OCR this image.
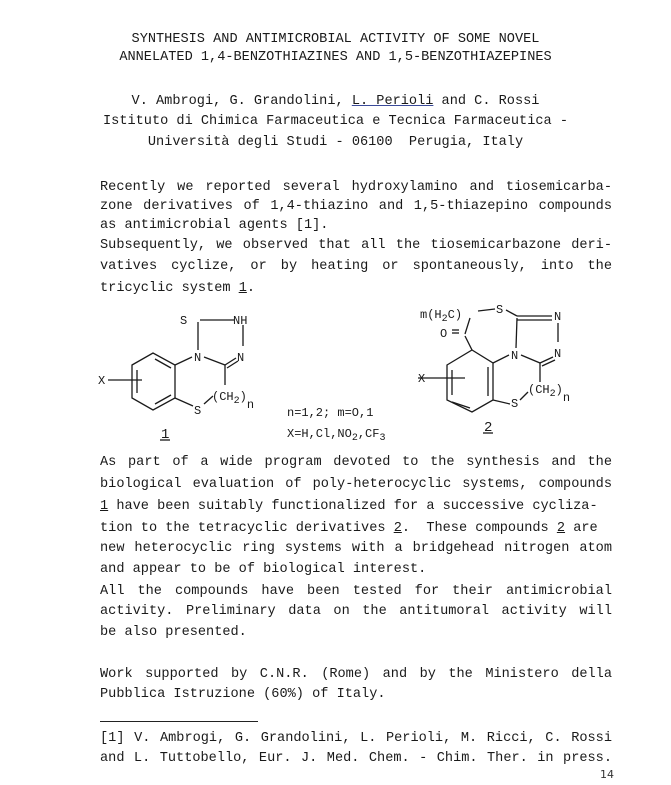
SYNTHESIS AND ANTIMICROBIAL ACTIVITY OF SOME NOVEL
ANNELATED 1,4-BENZOTHIAZINES AND 1,5-BENZOTHIAZEPINES
V. Ambrogi, G. Grandolini, L. Perioli and C. Rossi
Istituto di Chimica Farmaceutica e Tecnica Farmaceutica -
Università degli Studi - 06100  Perugia, Italy
Recently we reported several hydroxylamino and tiosemicarba-
zone derivatives of 1,4-thiazino and 1,5-thiazepino compounds
as antimicrobial agents [1].
Subsequently, we observed that all the tiosemicarbazone deri-
vatives cyclize, or by heating or spontaneously, into the
tricyclic system 1.
S	NH
N	N
X
S
$(CH_2)n$
1
$m(H_2C)$	S
O
N
N
N
X
S
$(CH_2)n$
2
n=1,2; m=O,1
$X=H,Cl,NO_2,CF_3$
As part of a wide program devoted to the synthesis and the
biological evaluation of poly-heterocyclic systems, compounds
1 have been suitably functionalized for a successive cycliza-
tion to the tetracyclic derivatives 2.  These compounds 2 are
new heterocyclic ring systems with a bridgehead nitrogen atom
and appear to be of biological interest.
All the compounds have been tested for their antimicrobial
activity. Preliminary data on the antitumoral activity will
be also presented.
Work supported by C.N.R. (Rome) and by the Ministero della
Pubblica Istruzione (60%) of Italy.
[1] V. Ambrogi, G. Grandolini, L. Perioli, M. Ricci, C. Rossi
and L. Tuttobello, Eur. J. Med. Chem. - Chim. Ther. in press.
14
